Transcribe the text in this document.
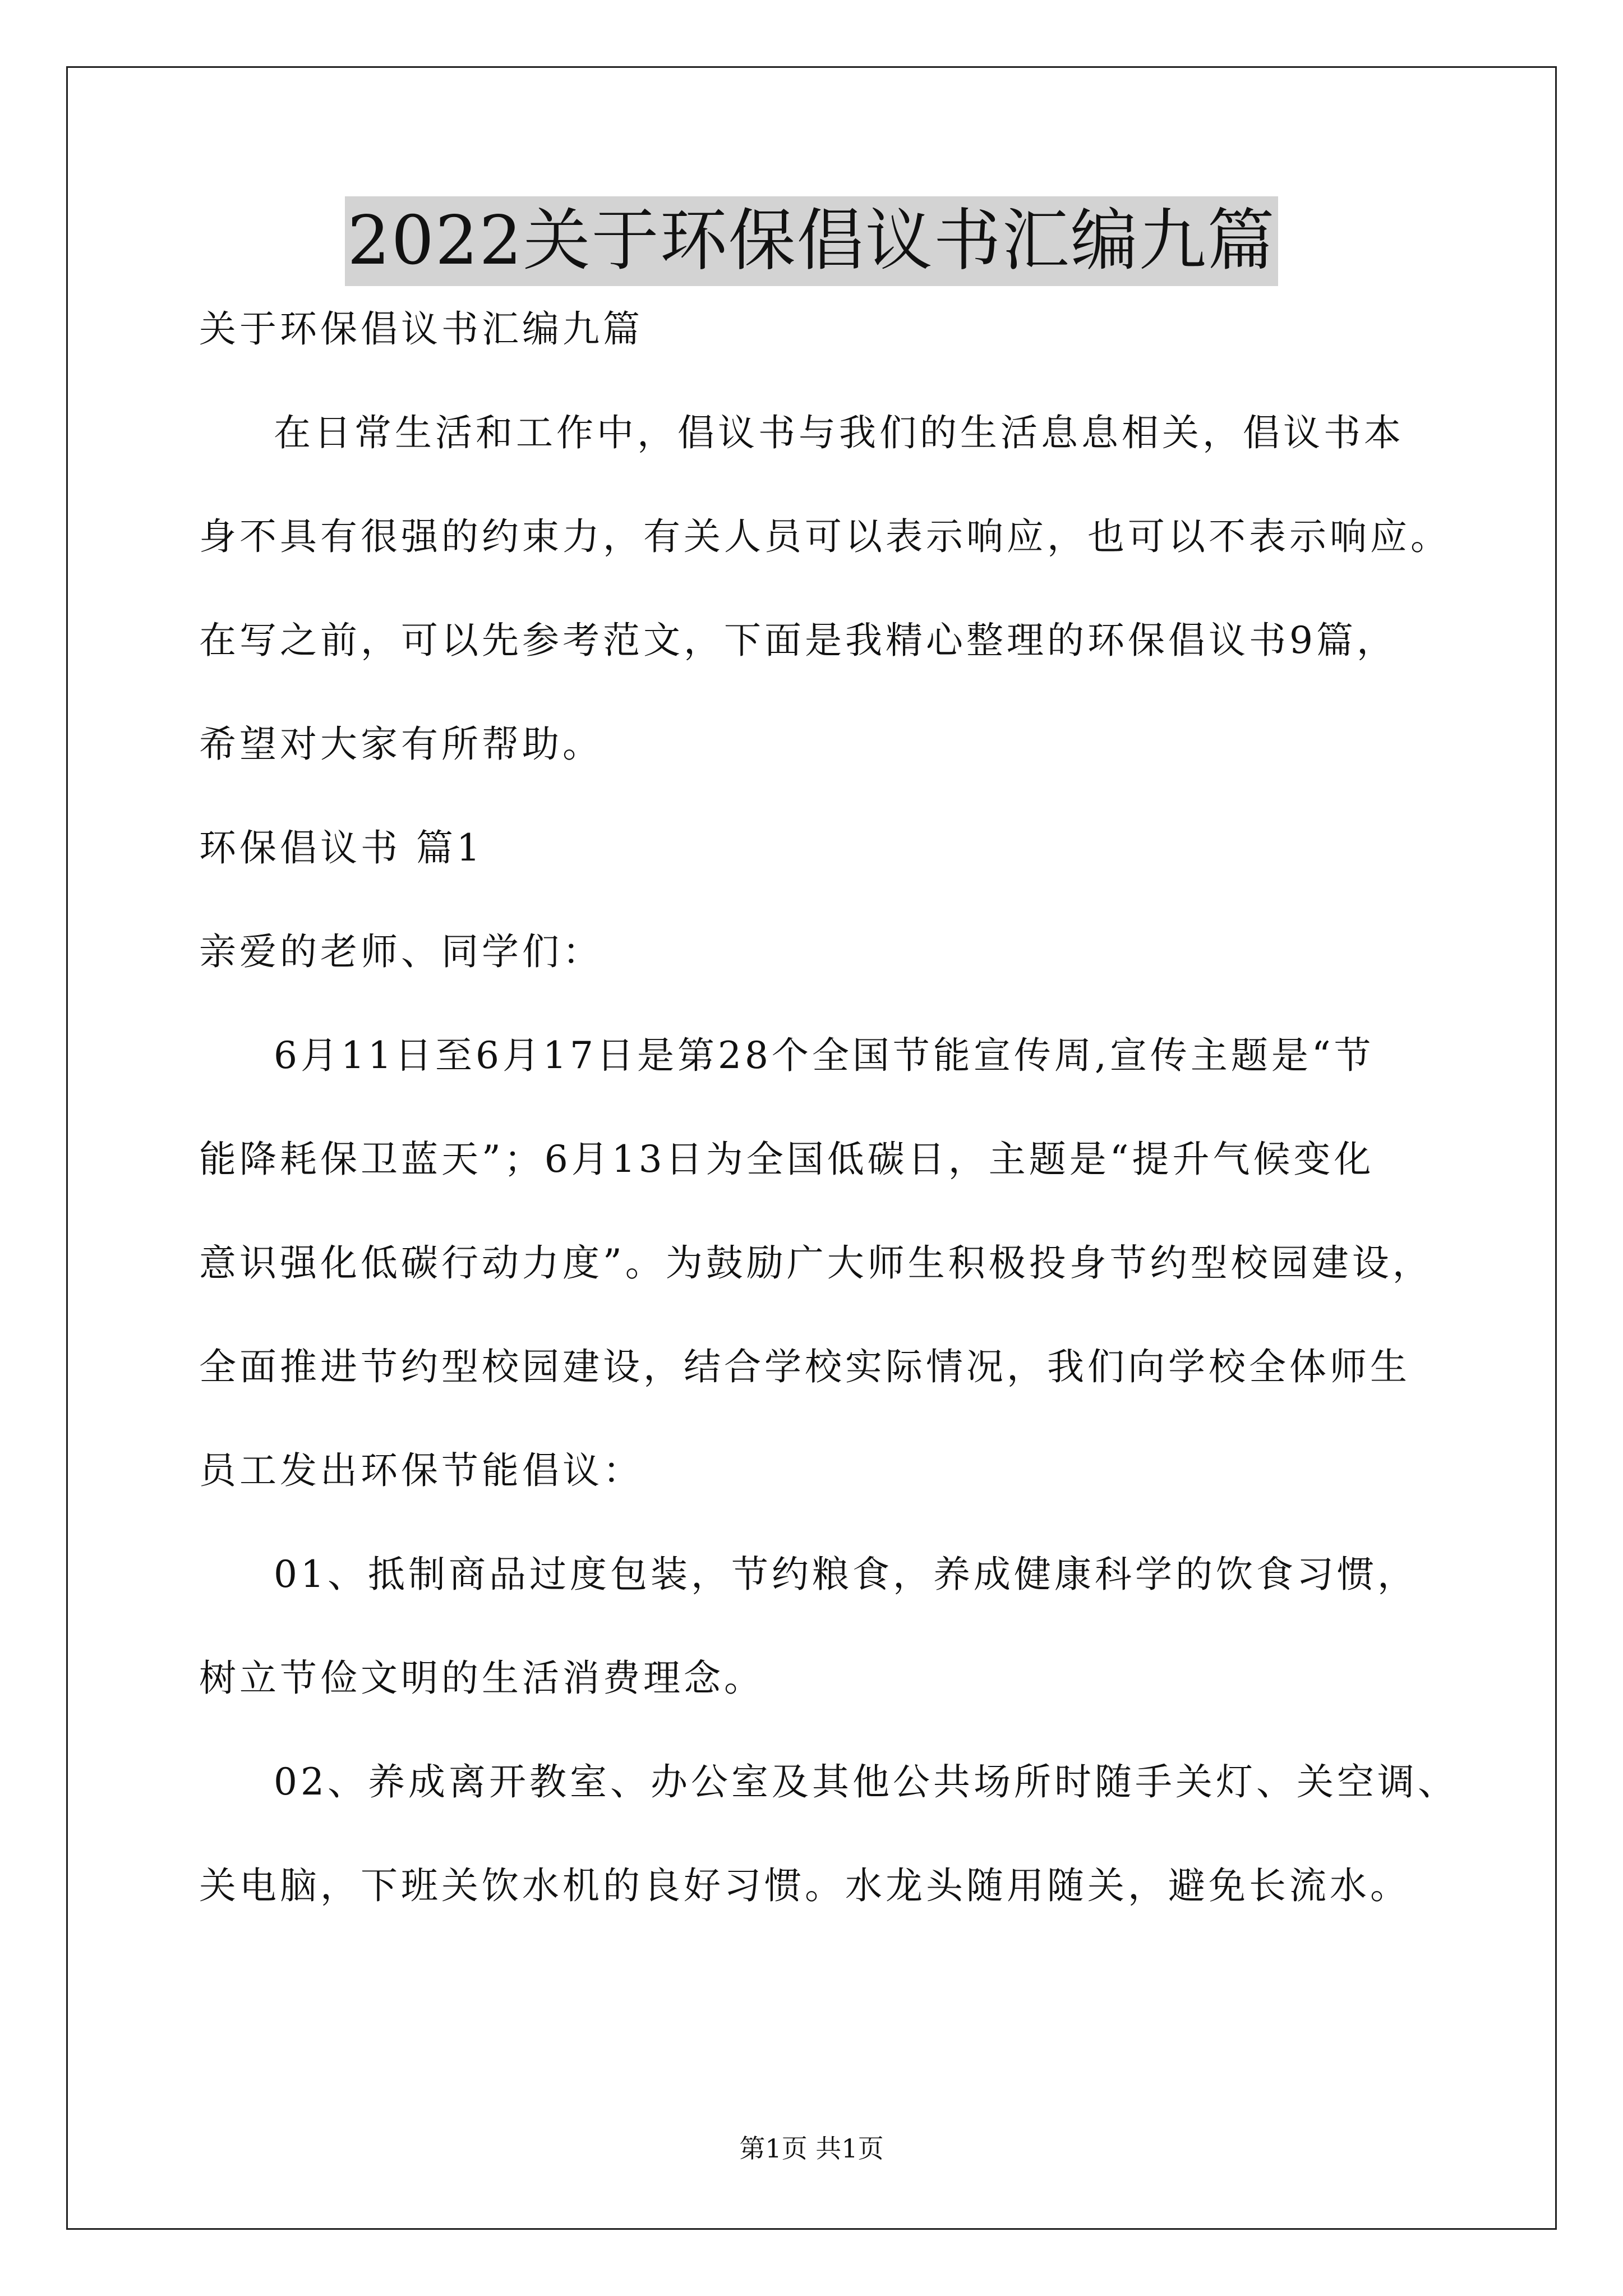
2022关于环保倡议书汇编九篇
关于环保倡议书汇编九篇
在日常生活和工作中，倡议书与我们的生活息息相关，倡议书本
身不具有很强的约束力，有关人员可以表示响应，也可以不表示响应。
在写之前，可以先参考范文，下面是我精心整理的环保倡议书9篇，
希望对大家有所帮助。
环保倡议书 篇1
亲爱的老师、同学们：
6月11日至6月17日是第28个全国节能宣传周,宣传主题是“节
能降耗保卫蓝天”；6月13日为全国低碳日，主题是“提升气候变化
意识强化低碳行动力度”。为鼓励广大师生积极投身节约型校园建设，
全面推进节约型校园建设，结合学校实际情况，我们向学校全体师生
员工发出环保节能倡议：
01、抵制商品过度包装，节约粮食，养成健康科学的饮食习惯，
树立节俭文明的生活消费理念。
02、养成离开教室、办公室及其他公共场所时随手关灯、关空调、
关电脑，下班关饮水机的良好习惯。水龙头随用随关，避免长流水。
第1页 共1页
